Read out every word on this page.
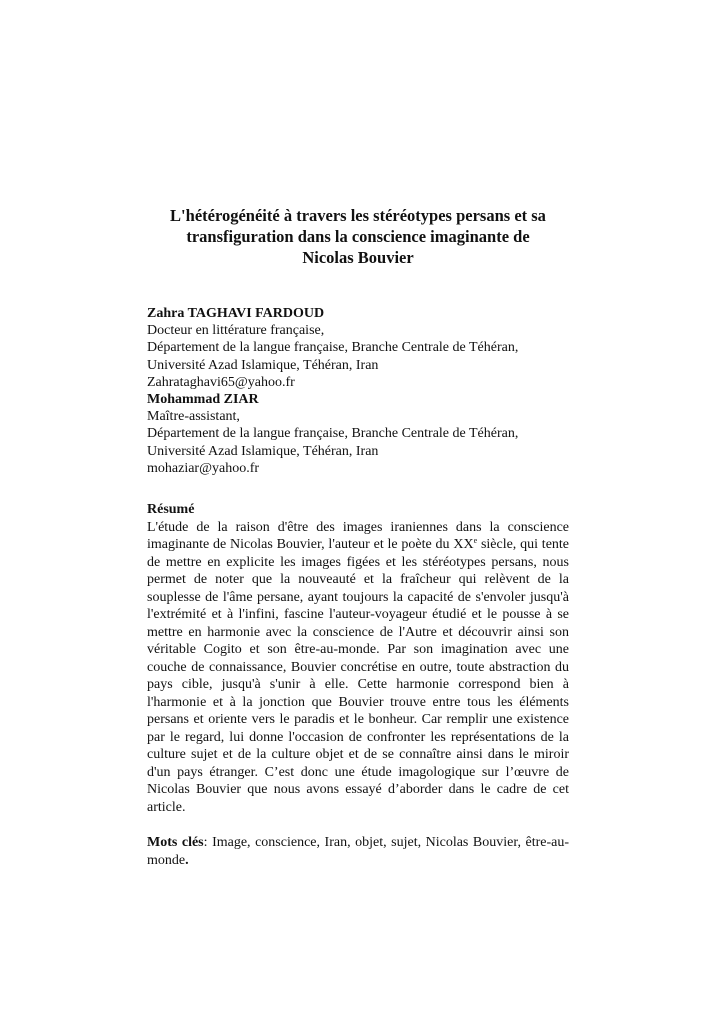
L'hétérogénéité à travers les stéréotypes persans et sa
transfiguration dans la conscience imaginante de
Nicolas Bouvier
Zahra TAGHAVI FARDOUD
Docteur en littérature française,
Département de la langue française, Branche Centrale de Téhéran,
Université Azad Islamique, Téhéran, Iran
Zahrataghavi65@yahoo.fr
Mohammad ZIAR
Maître-assistant,
Département de la langue française, Branche Centrale de Téhéran,
Université Azad Islamique, Téhéran, Iran
mohaziar@yahoo.fr
Résumé

L'étude de la raison d'être des images iraniennes dans la conscience imaginante de Nicolas Bouvier, l'auteur et le poète du XXe siècle, qui tente de mettre en explicite les images figées et les stéréotypes persans, nous permet de noter que la nouveauté et la fraîcheur qui relèvent de la souplesse de l'âme persane, ayant toujours la capacité de s'envoler jusqu'à l'extrémité et à l'infini, fascine l'auteur-voyageur étudié et le pousse à se mettre en harmonie avec la conscience de l'Autre et découvrir ainsi son véritable Cogito et son être-au-monde. Par son imagination avec une couche de connaissance, Bouvier concrétise en outre, toute abstraction du pays cible, jusqu'à s'unir à elle. Cette harmonie correspond bien à l'harmonie et à la jonction que Bouvier trouve entre tous les éléments persans et oriente vers le paradis et le bonheur. Car remplir une existence par le regard, lui donne l'occasion de confronter les représentations de la culture sujet et de la culture objet et de se connaître ainsi dans le miroir d'un pays étranger. C’est donc une étude imagologique sur l’œuvre de Nicolas Bouvier que nous avons essayé d’aborder dans le cadre de cet article.

Mots clés: Image, conscience, Iran, objet, sujet, Nicolas Bouvier, être-au-monde.
